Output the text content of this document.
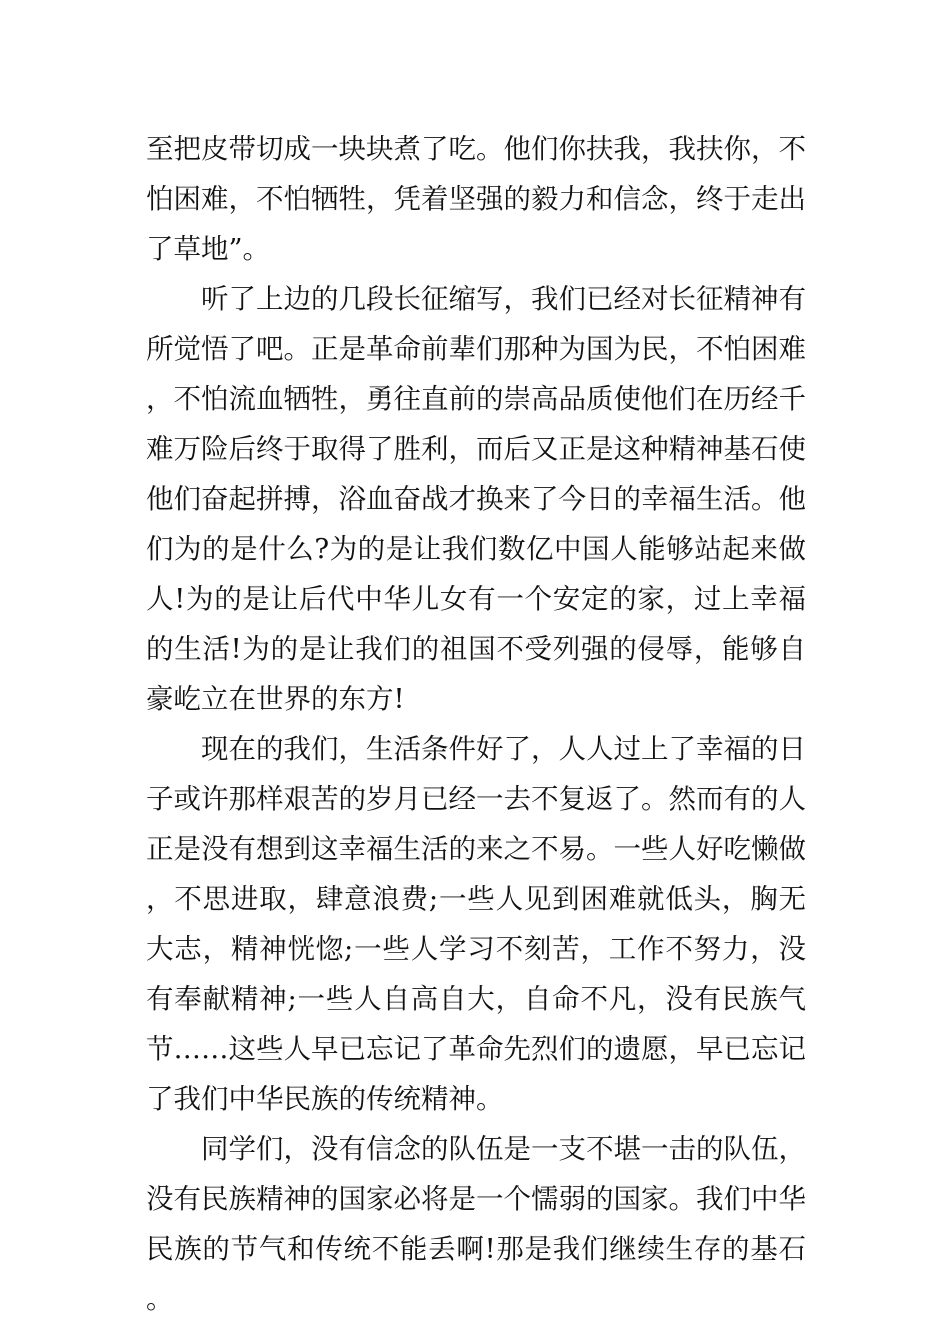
至把皮带切成一块块煮了吃。他们你扶我，我扶你，不怕困难，不怕牺牲，凭着坚强的毅力和信念，终于走出了草地”。

听了上边的几段长征缩写，我们已经对长征精神有所觉悟了吧。正是革命前辈们那种为国为民，不怕困难，不怕流血牺牲，勇往直前的崇高品质使他们在历经千难万险后终于取得了胜利，而后又正是这种精神基石使他们奋起拼搏，浴血奋战才换来了今日的幸福生活。他们为的是什么?为的是让我们数亿中国人能够站起来做人!为的是让后代中华儿女有一个安定的家，过上幸福的生活!为的是让我们的祖国不受列强的侵辱，能够自豪屹立在世界的东方!

现在的我们，生活条件好了，人人过上了幸福的日子或许那样艰苦的岁月已经一去不复返了。然而有的人正是没有想到这幸福生活的来之不易。一些人好吃懒做，不思进取，肆意浪费;一些人见到困难就低头，胸无大志，精神恍惚;一些人学习不刻苦，工作不努力，没有奉献精神;一些人自高自大，自命不凡，没有民族气节……这些人早已忘记了革命先烈们的遗愿，早已忘记了我们中华民族的传统精神。

同学们，没有信念的队伍是一支不堪一击的队伍，没有民族精神的国家必将是一个懦弱的国家。我们中华民族的节气和传统不能丢啊!那是我们继续生存的基石。
